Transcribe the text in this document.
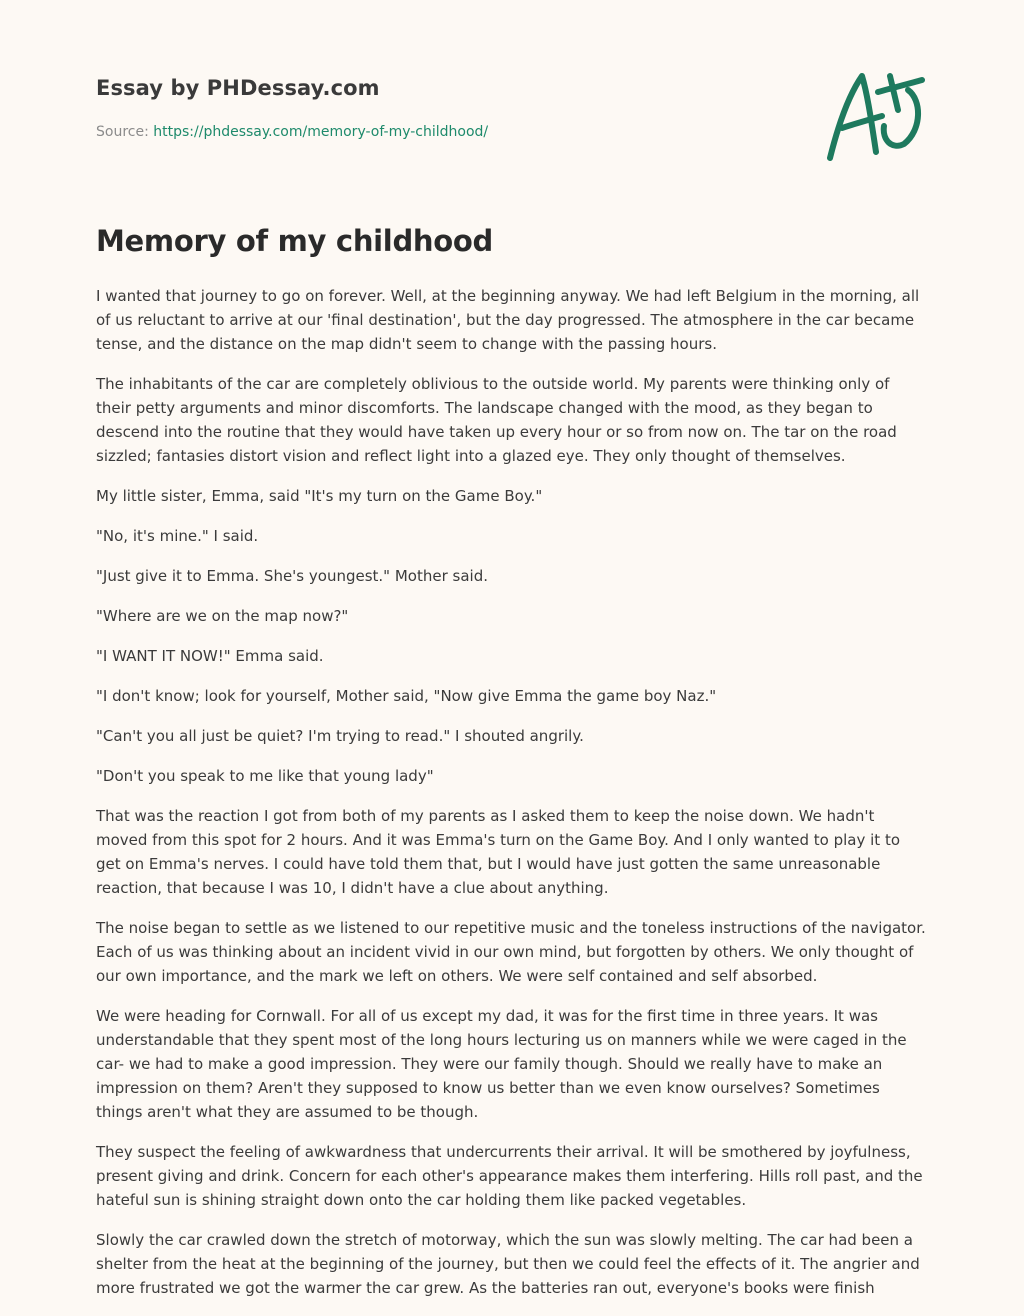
Essay by PHDessay.com
Source: https://phdessay.com/memory-of-my-childhood/
Memory of my childhood

I wanted that journey to go on forever. Well, at the beginning anyway. We had left Belgium in the morning, all of us reluctant to arrive at our 'final destination', but the day progressed. The atmosphere in the car became tense, and the distance on the map didn't seem to change with the passing hours.

The inhabitants of the car are completely oblivious to the outside world. My parents were thinking only of their petty arguments and minor discomforts. The landscape changed with the mood, as they began to descend into the routine that they would have taken up every hour or so from now on. The tar on the road sizzled; fantasies distort vision and reflect light into a glazed eye. They only thought of themselves.

My little sister, Emma, said "It's my turn on the Game Boy."

"No, it's mine." I said.

"Just give it to Emma. She's youngest." Mother said.

"Where are we on the map now?"

"I WANT IT NOW!" Emma said.

"I don't know; look for yourself, Mother said, "Now give Emma the game boy Naz."

"Can't you all just be quiet? I'm trying to read." I shouted angrily.

"Don't you speak to me like that young lady"

That was the reaction I got from both of my parents as I asked them to keep the noise down. We hadn't moved from this spot for 2 hours. And it was Emma's turn on the Game Boy. And I only wanted to play it to get on Emma's nerves. I could have told them that, but I would have just gotten the same unreasonable reaction, that because I was 10, I didn't have a clue about anything.

The noise began to settle as we listened to our repetitive music and the toneless instructions of the navigator. Each of us was thinking about an incident vivid in our own mind, but forgotten by others. We only thought of our own importance, and the mark we left on others. We were self contained and self absorbed.

We were heading for Cornwall. For all of us except my dad, it was for the first time in three years. It was understandable that they spent most of the long hours lecturing us on manners while we were caged in the car- we had to make a good impression. They were our family though. Should we really have to make an impression on them? Aren't they supposed to know us better than we even know ourselves? Sometimes things aren't what they are assumed to be though.

They suspect the feeling of awkwardness that undercurrents their arrival. It will be smothered by joyfulness, present giving and drink. Concern for each other's appearance makes them interfering. Hills roll past, and the hateful sun is shining straight down onto the car holding them like packed vegetables.

Slowly the car crawled down the stretch of motorway, which the sun was slowly melting. The car had been a shelter from the heat at the beginning of the journey, but then we could feel the effects of it. The angrier and more frustrated we got the warmer the car grew. As the batteries ran out, everyone's books were finish
